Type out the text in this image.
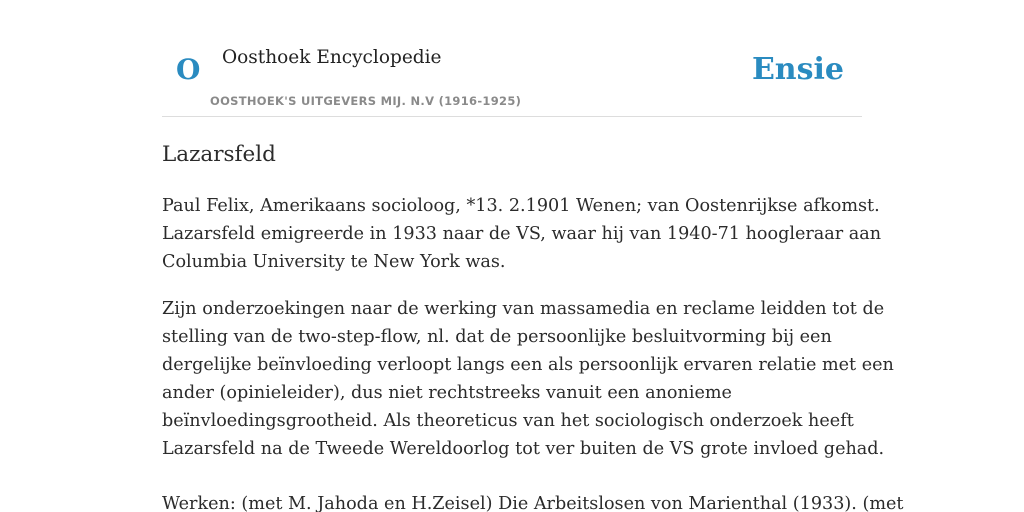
O Oosthoek Encyclopedie
OOSTHOEK'S UITGEVERS MIJ. N.V (1916-1925)
Ensie
Lazarsfeld

Paul Felix, Amerikaans socioloog, *13. 2.1901 Wenen; van Oostenrijkse afkomst.
Lazarsfeld emigreerde in 1933 naar de VS, waar hij van 1940-71 hoogleraar aan
Columbia University te New York was.

Zijn onderzoekingen naar de werking van massamedia en reclame leidden tot de
stelling van de two-step-flow, nl. dat de persoonlijke besluitvorming bij een
dergelijke beïnvloeding verloopt langs een als persoonlijk ervaren relatie met een
ander (opinieleider), dus niet rechtstreeks vanuit een anonieme
beïnvloedingsgrootheid. Als theoreticus van het sociologisch onderzoek heeft
Lazarsfeld na de Tweede Wereldoorlog tot ver buiten de VS grote invloed gehad.

Werken: (met M. Jahoda en H.Zeisel) Die Arbeitslosen von Marienthal (1933). (met
